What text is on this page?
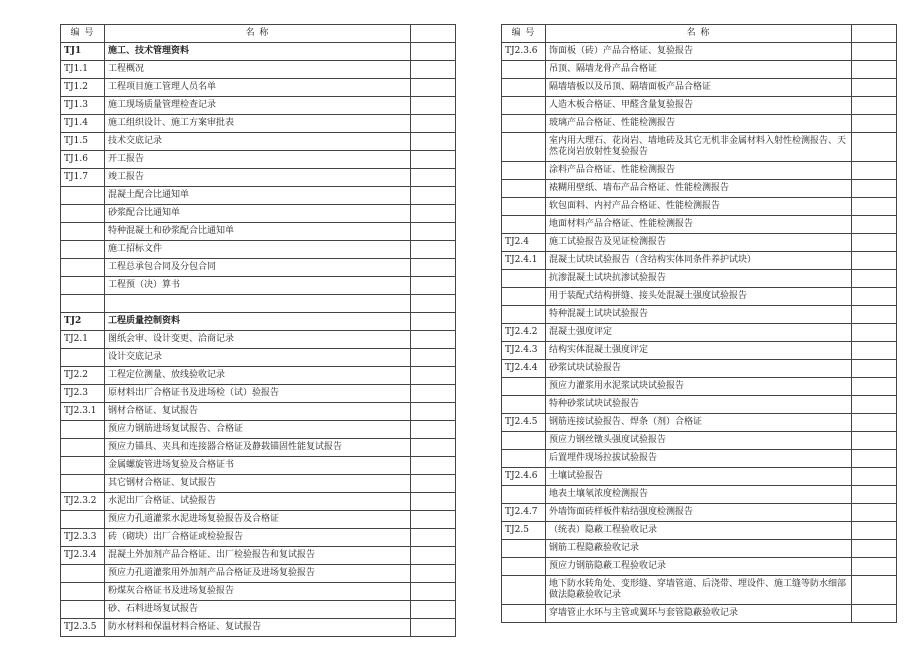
编 号	名 称	
TJ1	施工、技术管理资料	
TJ1.1	工程概况	
TJ1.2	工程项目施工管理人员名单	
TJ1.3	施工现场质量管理检查记录	
TJ1.4	施工组织设计、施工方案审批表	
TJ1.5	技术交底记录	
TJ1.6	开工报告	
TJ1.7	竣工报告	
	混凝土配合比通知单	
	砂浆配合比通知单	
	特种混凝土和砂浆配合比通知单	
	施工招标文件	
	工程总承包合同及分包合同	
	工程预（决）算书	

TJ2	工程质量控制资料	
TJ2.1	图纸会审、设计变更、洽商记录	
	设计交底记录	
TJ2.2	工程定位测量、放线验收记录	
TJ2.3	原材料出厂合格证书及进场检（试）验报告	
TJ2.3.1	钢材合格证、复试报告	
	预应力钢筋进场复试报告、合格证	
	预应力锚具、夹具和连接器合格证及静载锚固性能复试报告	
	金属螺旋管进场复验及合格证书	
	其它钢材合格证、复试报告	
TJ2.3.2	水泥出厂合格证、试验报告	
	预应力孔道灌浆水泥进场复验报告及合格证	
TJ2.3.3	砖（砌块）出厂合格证或检验报告	
TJ2.3.4	混凝土外加剂产品合格证、出厂检验报告和复试报告	
	预应力孔道灌浆用外加剂产品合格证及进场复验报告	
	粉煤灰合格证书及进场复验报告	
	砂、石料进场复试报告	
TJ2.3.5	防水材料和保温材料合格证、复试报告	
编 号	名 称	
TJ2.3.6	饰面板（砖）产品合格证、复验报告	
	吊顶、隔墙龙骨产品合格证	
	隔墙墙板以及吊顶、隔墙面板产品合格证	
	人造木板合格证、甲醛含量复验报告	
	玻璃产品合格证、性能检测报告	
	室内用大理石、花岗岩、墙地砖及其它无机非金属材料入射性检测报告、天然花岗岩放射性复验报告	
	涂料产品合格证、性能检测报告	
	裱糊用壁纸、墙布产品合格证、性能检测报告	
	软包面料、内衬产品合格证、性能检测报告	
	地面材料产品合格证、性能检测报告	
TJ2.4	施工试验报告及见证检测报告	
TJ2.4.1	混凝土试块试验报告（含结构实体同条件养护试块）	
	抗渗混凝土试块抗渗试验报告	
	用于装配式结构拼缝、接头处混凝土强度试验报告	
	特种混凝土试块试验报告	
TJ2.4.2	混凝土强度评定	
TJ2.4.3	结构实体混凝土强度评定	
TJ2.4.4	砂浆试块试验报告	
	预应力灌浆用水泥浆试块试验报告	
	特种砂浆试块试验报告	
TJ2.4.5	钢筋连接试验报告、焊条（剂）合格证	
	预应力钢丝镦头强度试验报告	
	后置埋件现场拉拔试验报告	
TJ2.4.6	土壤试验报告	
	地表土壤氡浓度检测报告	
TJ2.4.7	外墙饰面砖样板件粘结强度检测报告	
TJ2.5	（统表）隐蔽工程验收记录	
	钢筋工程隐蔽验收记录	
	预应力钢筋隐蔽工程验收记录	
	地下防水转角处、变形缝、穿墙管道、后浇带、埋设件、施工缝等防水细部做法隐蔽验收记录	
	穿墙管止水环与主管或翼环与套管隐蔽验收记录	
